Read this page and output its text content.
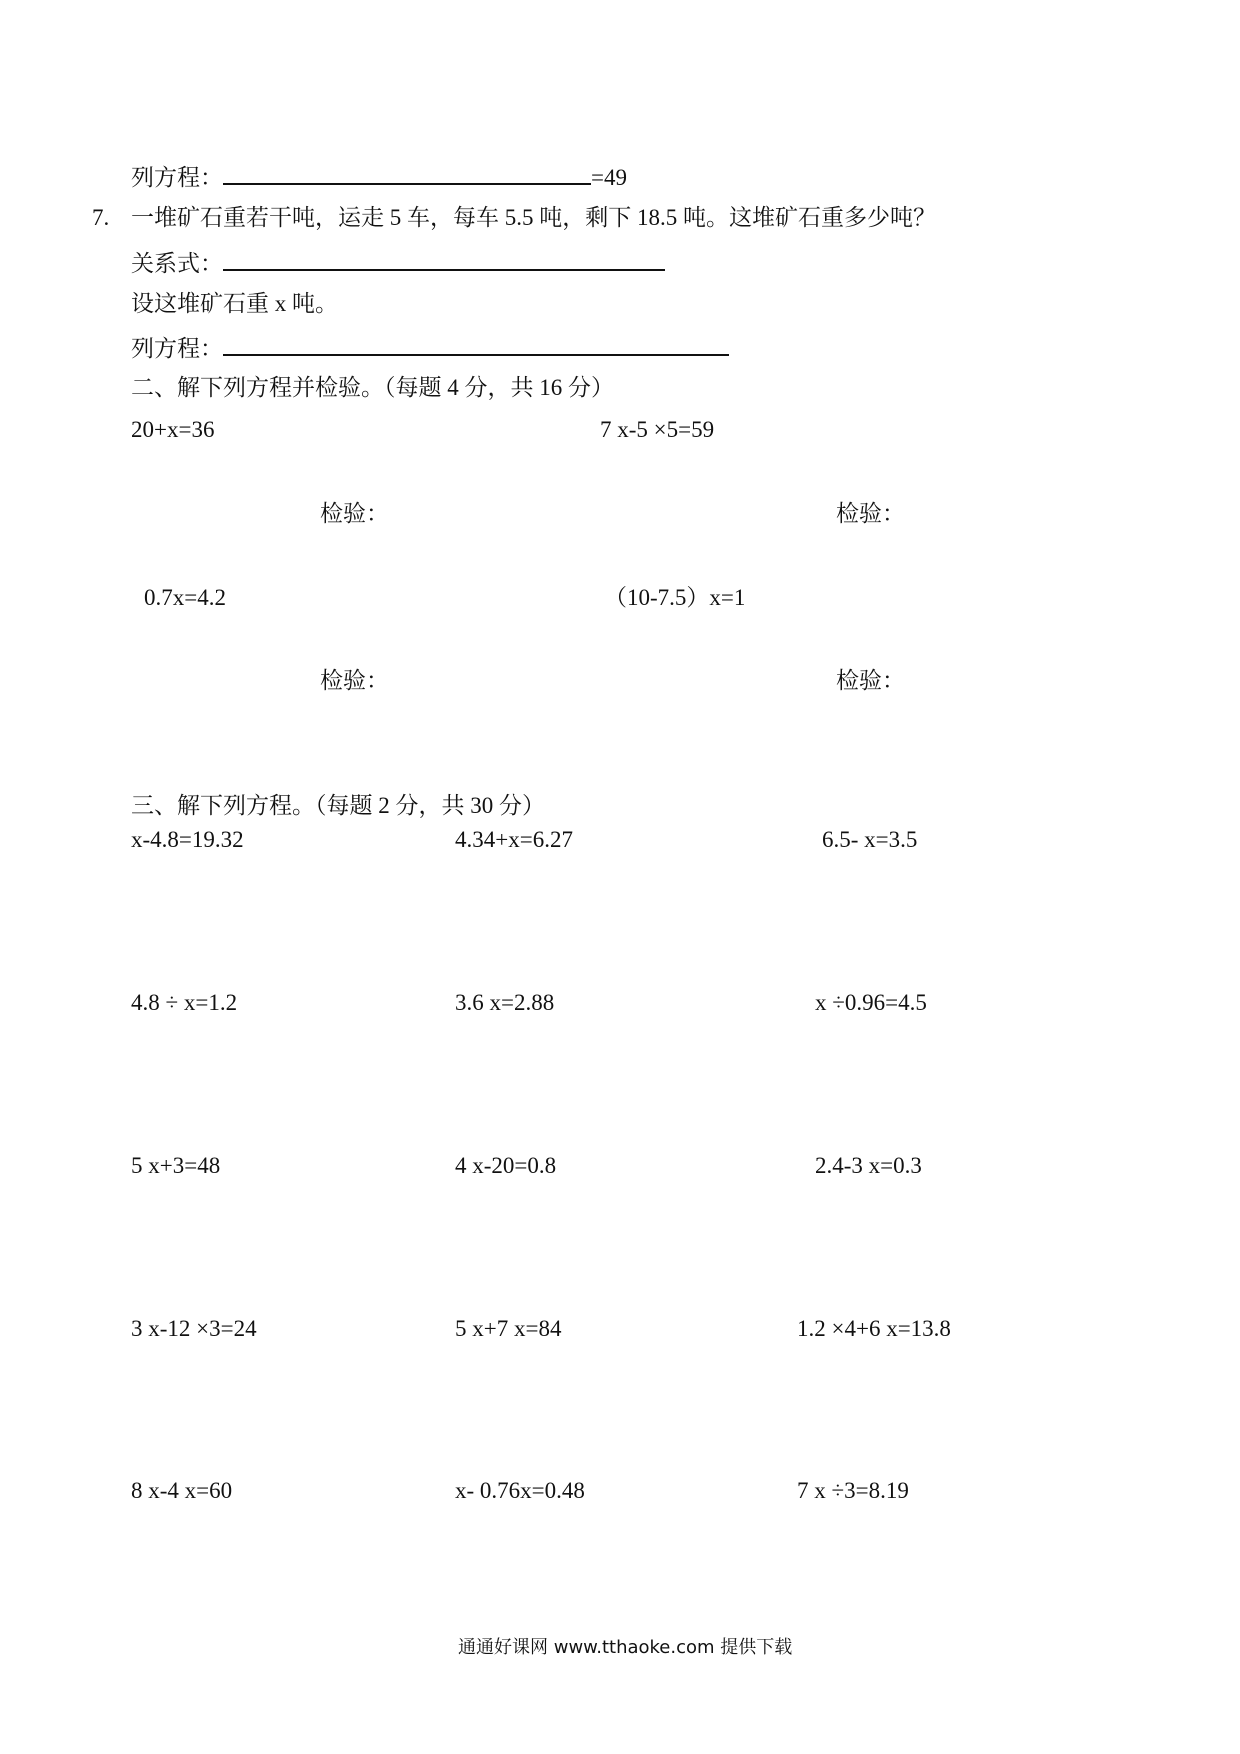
列方程：	=49
7. 一堆矿石重若干吨，运走 5 车，每车 5.5 吨，剩下 18.5 吨。这堆矿石重多少吨？
关系式：
设这堆矿石重 x 吨。
列方程：
二、解下列方程并检验。（每题 4 分，共 16 分）
20+x=36	7 x-5 ×5=59
检验：	检验：
0.7x=4.2	（10-7.5）x=1
检验：	检验：
三、解下列方程。（每题 2 分，共 30 分）
x-4.8=19.32	4.34+x=6.27	6.5- x=3.5
4.8 ÷ x=1.2	3.6 x=2.88	x ÷0.96=4.5
5 x+3=48	4 x-20=0.8	2.4-3 x=0.3
3 x-12 ×3=24	5 x+7 x=84	1.2 ×4+6 x=13.8
8 x-4 x=60	x- 0.76x=0.48	7 x ÷3=8.19
通通好课网 www.tthaoke.com 提供下载
